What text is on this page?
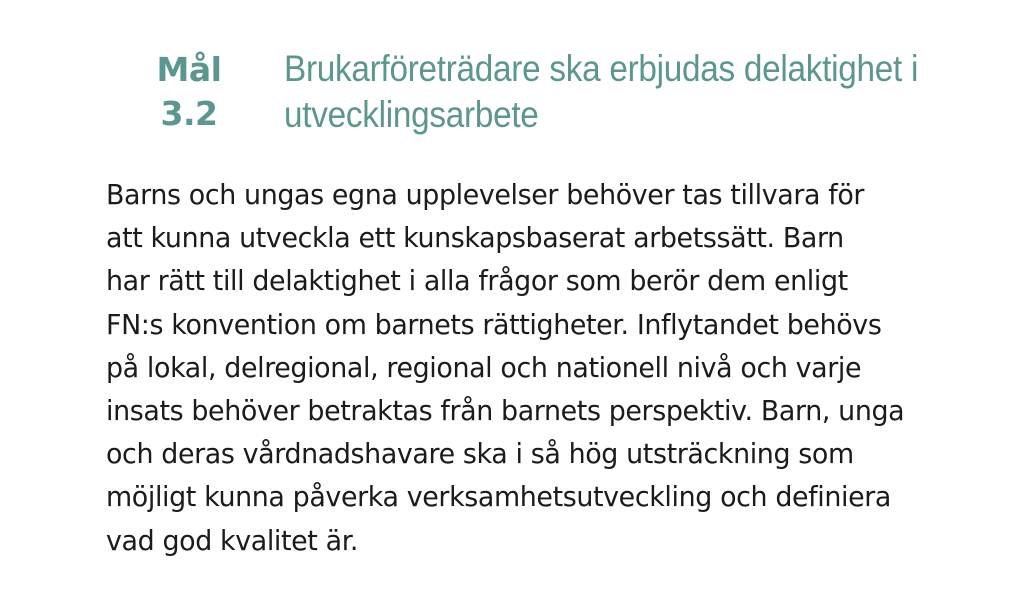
Mål
3.2
Brukarföreträdare ska erbjudas delaktighet i
utvecklingsarbete
Barns och ungas egna upplevelser behöver tas tillvara för
att kunna utveckla ett kunskapsbaserat arbetssätt. Barn
har rätt till delaktighet i alla frågor som berör dem enligt
FN:s konvention om barnets rättigheter. Inflytandet behövs
på lokal, delregional, regional och nationell nivå och varje
insats behöver betraktas från barnets perspektiv. Barn, unga
och deras vårdnadshavare ska i så hög utsträckning som
möjligt kunna påverka verksamhetsutveckling och definiera
vad god kvalitet är.
